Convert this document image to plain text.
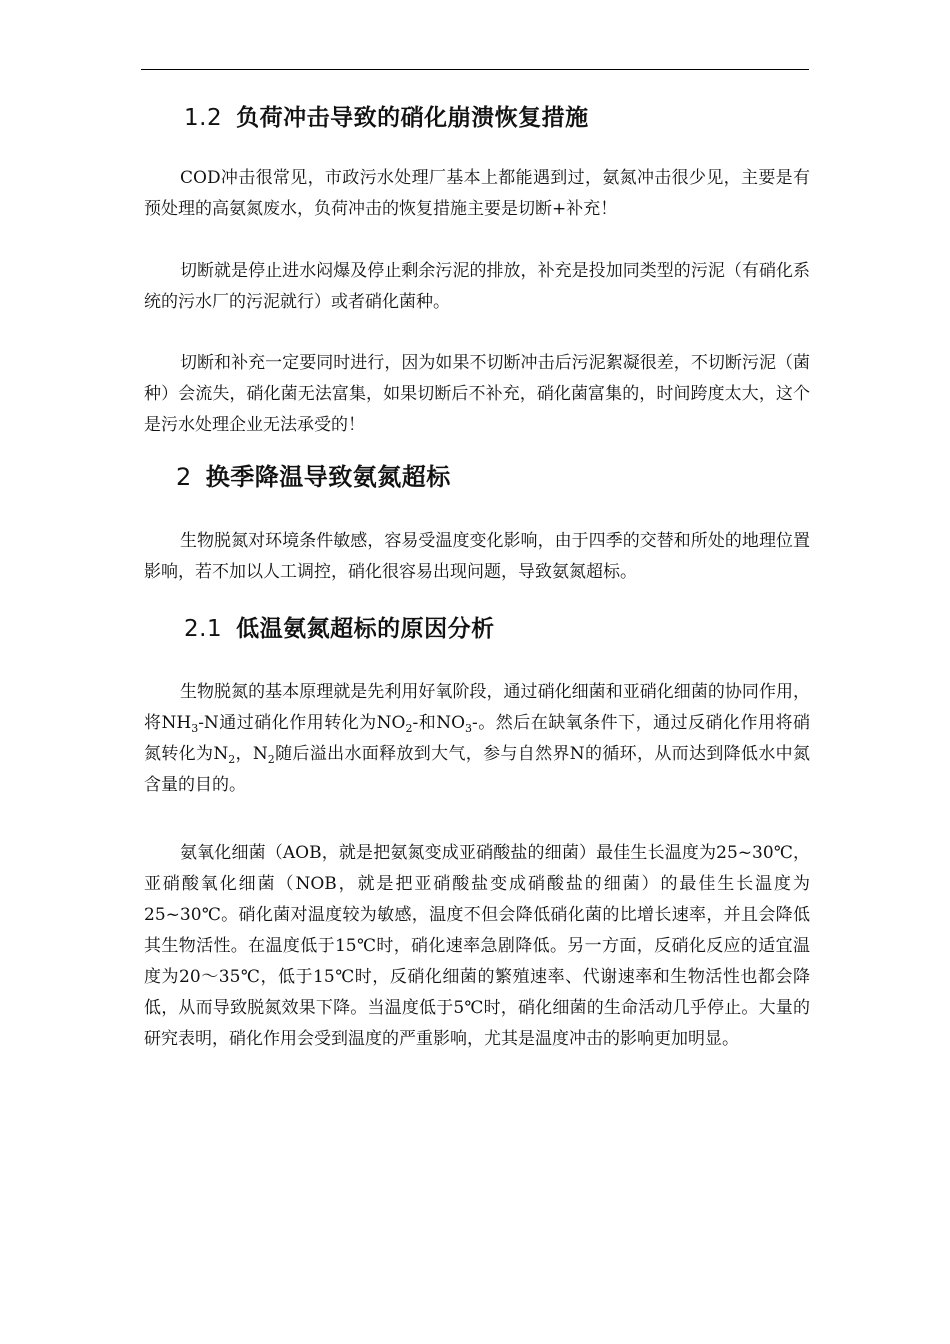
1.2 负荷冲击导致的硝化崩溃恢复措施

COD冲击很常见，市政污水处理厂基本上都能遇到过，氨氮冲击很少见，主要是有预处理的高氨氮废水，负荷冲击的恢复措施主要是切断+补充！

切断就是停止进水闷爆及停止剩余污泥的排放，补充是投加同类型的污泥（有硝化系统的污水厂的污泥就行）或者硝化菌种。

切断和补充一定要同时进行，因为如果不切断冲击后污泥絮凝很差，不切断污泥（菌种）会流失，硝化菌无法富集，如果切断后不补充，硝化菌富集的，时间跨度太大，这个是污水处理企业无法承受的！

2 换季降温导致氨氮超标

生物脱氮对环境条件敏感，容易受温度变化影响，由于四季的交替和所处的地理位置影响，若不加以人工调控，硝化很容易出现问题，导致氨氮超标。

2.1 低温氨氮超标的原因分析

生物脱氮的基本原理就是先利用好氧阶段，通过硝化细菌和亚硝化细菌的协同作用，将$NH_3-N$通过硝化作用转化为$NO_2-$和$NO_3-$。然后在缺氧条件下，通过反硝化作用将硝氮转化为$N_2$，$N_2$随后溢出水面释放到大气，参与自然界N的循环，从而达到降低水中氮含量的目的。

氨氧化细菌（AOB，就是把氨氮变成亚硝酸盐的细菌）最佳生长温度为25~30℃，亚硝酸氧化细菌（NOB，就是把亚硝酸盐变成硝酸盐的细菌）的最佳生长温度为25~30℃。硝化菌对温度较为敏感，温度不但会降低硝化菌的比增长速率，并且会降低其生物活性。在温度低于15℃时，硝化速率急剧降低。另一方面，反硝化反应的适宜温度为20～35℃，低于15℃时，反硝化细菌的繁殖速率、代谢速率和生物活性也都会降低，从而导致脱氮效果下降。当温度低于5℃时，硝化细菌的生命活动几乎停止。大量的研究表明，硝化作用会受到温度的严重影响，尤其是温度冲击的影响更加明显。
